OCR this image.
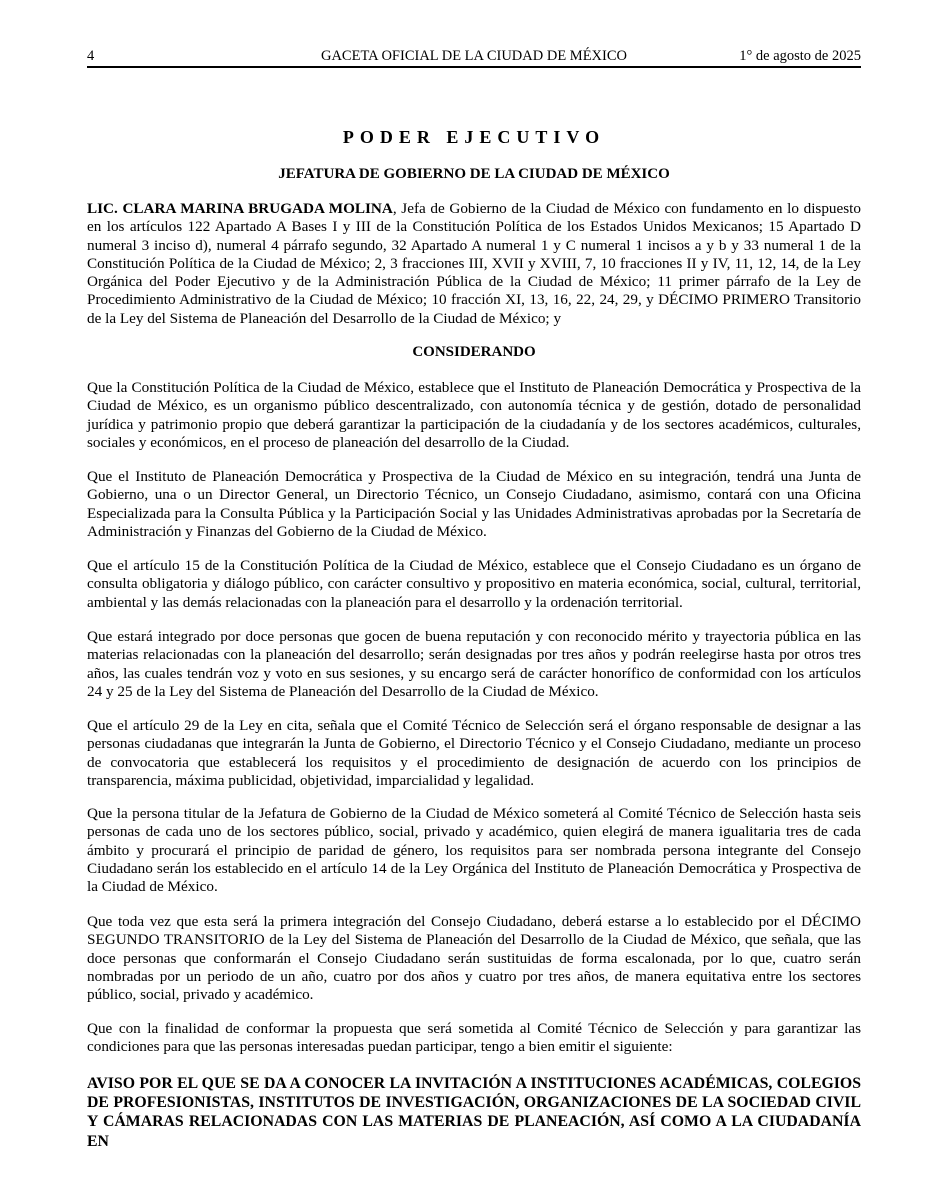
4	GACETA OFICIAL DE LA CIUDAD DE MÉXICO	1° de agosto de 2025
PODER EJECUTIVO
JEFATURA DE GOBIERNO DE LA CIUDAD DE MÉXICO

LIC. CLARA MARINA BRUGADA MOLINA, Jefa de Gobierno de la Ciudad de México con fundamento en lo dispuesto en los artículos 122 Apartado A Bases I y III de la Constitución Política de los Estados Unidos Mexicanos; 15 Apartado D numeral 3 inciso d), numeral 4 párrafo segundo, 32 Apartado A numeral 1 y C numeral 1 incisos a y b y 33 numeral 1 de la Constitución Política de la Ciudad de México; 2, 3 fracciones III, XVII y XVIII, 7, 10 fracciones II y IV, 11, 12, 14, de la Ley Orgánica del Poder Ejecutivo y de la Administración Pública de la Ciudad de México; 11 primer párrafo de la Ley de Procedimiento Administrativo de la Ciudad de México; 10 fracción XI, 13, 16, 22, 24, 29, y DÉCIMO PRIMERO Transitorio de la Ley del Sistema de Planeación del Desarrollo de la Ciudad de México; y

CONSIDERANDO

Que la Constitución Política de la Ciudad de México, establece que el Instituto de Planeación Democrática y Prospectiva de la Ciudad de México, es un organismo público descentralizado, con autonomía técnica y de gestión, dotado de personalidad jurídica y patrimonio propio que deberá garantizar la participación de la ciudadanía y de los sectores académicos, culturales, sociales y económicos, en el proceso de planeación del desarrollo de la Ciudad.

Que el Instituto de Planeación Democrática y Prospectiva de la Ciudad de México en su integración, tendrá una Junta de Gobierno, una o un Director General, un Directorio Técnico, un Consejo Ciudadano, asimismo, contará con una Oficina Especializada para la Consulta Pública y la Participación Social y las Unidades Administrativas aprobadas por la Secretaría de Administración y Finanzas del Gobierno de la Ciudad de México.

Que el artículo 15 de la Constitución Política de la Ciudad de México, establece que el Consejo Ciudadano es un órgano de consulta obligatoria y diálogo público, con carácter consultivo y propositivo en materia económica, social, cultural, territorial, ambiental y las demás relacionadas con la planeación para el desarrollo y la ordenación territorial.

Que estará integrado por doce personas que gocen de buena reputación y con reconocido mérito y trayectoria pública en las materias relacionadas con la planeación del desarrollo; serán designadas por tres años y podrán reelegirse hasta por otros tres años, las cuales tendrán voz y voto en sus sesiones, y su encargo será de carácter honorífico de conformidad con los artículos 24 y 25 de la Ley del Sistema de Planeación del Desarrollo de la Ciudad de México.

Que el artículo 29 de la Ley en cita, señala que el Comité Técnico de Selección será el órgano responsable de designar a las personas ciudadanas que integrarán la Junta de Gobierno, el Directorio Técnico y el Consejo Ciudadano, mediante un proceso de convocatoria que establecerá los requisitos y el procedimiento de designación de acuerdo con los principios de transparencia, máxima publicidad, objetividad, imparcialidad y legalidad.

Que la persona titular de la Jefatura de Gobierno de la Ciudad de México someterá al Comité Técnico de Selección hasta seis personas de cada uno de los sectores público, social, privado y académico, quien elegirá de manera igualitaria tres de cada ámbito y procurará el principio de paridad de género, los requisitos para ser nombrada persona integrante del Consejo Ciudadano serán los establecido en el artículo 14 de la Ley Orgánica del Instituto de Planeación Democrática y Prospectiva de la Ciudad de México.

Que toda vez que esta será la primera integración del Consejo Ciudadano, deberá estarse a lo establecido por el DÉCIMO SEGUNDO TRANSITORIO de la Ley del Sistema de Planeación del Desarrollo de la Ciudad de México, que señala, que las doce personas que conformarán el Consejo Ciudadano serán sustituidas de forma escalonada, por lo que, cuatro serán nombradas por un periodo de un año, cuatro por dos años y cuatro por tres años, de manera equitativa entre los sectores público, social, privado y académico.

Que con la finalidad de conformar la propuesta que será sometida al Comité Técnico de Selección y para garantizar las condiciones para que las personas interesadas puedan participar, tengo a bien emitir el siguiente:

AVISO POR EL QUE SE DA A CONOCER LA INVITACIÓN A INSTITUCIONES ACADÉMICAS, COLEGIOS DE PROFESIONISTAS, INSTITUTOS DE INVESTIGACIÓN, ORGANIZACIONES DE LA SOCIEDAD CIVIL Y CÁMARAS RELACIONADAS CON LAS MATERIAS DE PLANEACIÓN, ASÍ COMO A LA CIUDADANÍA EN
